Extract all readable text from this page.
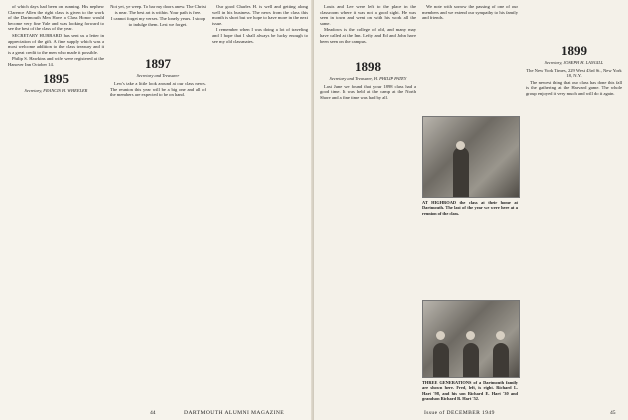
of which days had been on running. His nephew Clarence Allen the right class is given to the work of the Dartmouth Men Have a Class Honor would become very fine Yale and was looking forward to see the best of the class of the year.

SECRETARY HUBBARD has sent us a letter in appreciation of the gift. A fine supply which was a most welcome addition to the class treasury and it is a great credit to the men who made it possible.

Philip S. Hawkins and wife were registered at the Hanover Inn October 14.

1895
Secretary, FRANCIS H. WHEELER

Not yet, ye weep. To bar my doors anew. The Christ is near. The best art is within. Your path is free.

I cannot forget my verses. The lonely years. I stoop to indulge them. Lest we forget.

1897
Secretary and Treasurer

Lew's take a little look around at our class news. The reunion this year will be a big one and all of the members are expected to be on hand.

Our good Charles H. is well and getting along well in his business. The news from the class this month is short but we hope to have more in the next issue.

I remember when I was doing a lot of traveling and I hope that I shall always be lucky enough to see my old classmates.

44	DARTMOUTH ALUMNI MAGAZINE

Louis and Lee were left to the place in the classroom where it was not a good sight. He was seen in town and went on with his work all the same.

Meadows is the college of old, and many may have called at the Inn. Lefty and Ed and John have been seen on the campus.

1898
Secretary and Treasurer, H. PHILIP PATEY

Last June we found that your 1898 class had a good time. It was held at the camp at the North Shore and a fine time was had by all.

AT HIGHROAD the class at their home at Dartmouth. The last of the year we were here at a reunion of the class.
THREE GENERATIONS of a Dartmouth family are shown here. Fred, left, is right. Richard L. Hart '98, and his son Richard E. Hart '30 and grandson Richard B. Hart '52.

We note with sorrow the passing of one of our members and we extend our sympathy to his family and friends.

1899
Secretary, JOSEPH H. LANGILL

The New York Times, 229 West 43rd St., New York 18, N.Y.

The newest thing that our class has done this fall is the gathering at the Harvard game. The whole group enjoyed it very much and will do it again.

Issue of DECEMBER 1949	45
